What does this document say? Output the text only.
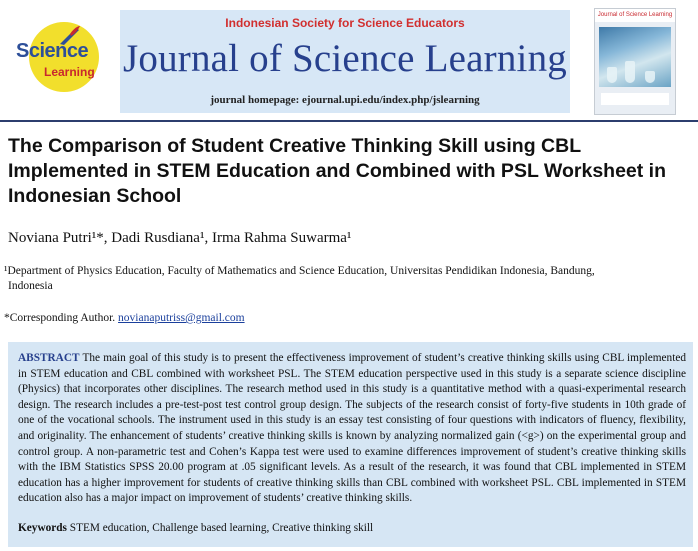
Science
Learning
Indonesian Society for Science Educators
Journal of Science Learning
journal homepage: ejournal.upi.edu/index.php/jslearning
Journal of Science Learning
The Comparison of Student Creative Thinking Skill using CBL Implemented in STEM Education and Combined with PSL Worksheet in Indonesian School
Noviana Putri¹*, Dadi Rusdiana¹, Irma Rahma Suwarma¹
¹Department of Physics Education, Faculty of Mathematics and Science Education, Universitas Pendidikan Indonesia, Bandung,
Indonesia
*Corresponding Author. novianaputriss@gmail.com
ABSTRACT The main goal of this study is to present the effectiveness improvement of student’s creative thinking skills using CBL implemented in STEM education and CBL combined with worksheet PSL. The STEM education perspective used in this study is a separate science discipline (Physics) that incorporates other disciplines. The research method used in this study is a quantitative method with a quasi-experimental research design. The research includes a pre-test-post test control group design. The subjects of the research consist of forty-five students in 10th grade of one of the vocational schools. The instrument used in this study is an essay test consisting of four questions with indicators of fluency, flexibility, and originality. The enhancement of students’ creative thinking skills is known by analyzing normalized gain (<g>) on the experimental group and control group. A non-parametric test and Cohen’s Kappa test were used to examine differences improvement of student’s creative thinking skills with the IBM Statistics SPSS 20.00 program at .05 significant levels. As a result of the research, it was found that CBL implemented in STEM education has a higher improvement for students of creative thinking skills than CBL combined with worksheet PSL. CBL implemented in STEM education also has a major impact on improvement of students’ creative thinking skills.
Keywords STEM education, Challenge based learning, Creative thinking skill
